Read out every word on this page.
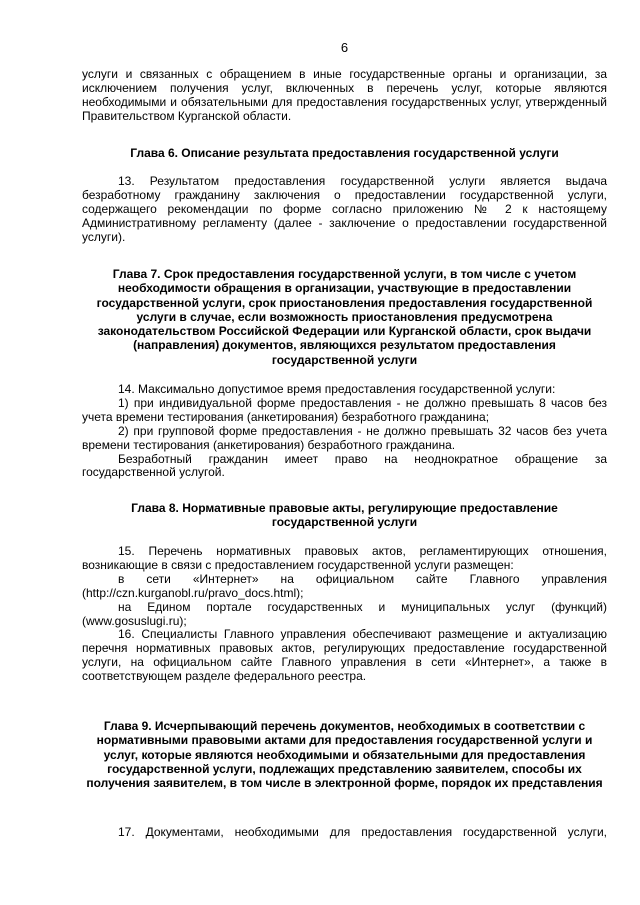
6

услуги и связанных с обращением в иные государственные органы и организации, за исключением получения услуг, включенных в перечень услуг, которые являются необходимыми и обязательными для предоставления государственных услуг, утвержденный Правительством Курганской области.

Глава 6. Описание результата предоставления государственной услуги

13. Результатом предоставления государственной услуги является выдача безработному гражданину заключения о предоставлении государственной услуги, содержащего рекомендации по форме согласно приложению № 2 к настоящему Административному регламенту (далее - заключение о предоставлении государственной услуги).

Глава 7. Срок предоставления государственной услуги, в том числе с учетом необходимости обращения в организации, участвующие в предоставлении государственной услуги, срок приостановления предоставления государственной услуги в случае, если возможность приостановления предусмотрена законодательством Российской Федерации или Курганской области, срок выдачи (направления) документов, являющихся результатом предоставления государственной услуги

14. Максимально допустимое время предоставления государственной услуги:

1) при индивидуальной форме предоставления - не должно превышать 8 часов без учета времени тестирования (анкетирования) безработного гражданина;

2) при групповой форме предоставления - не должно превышать 32 часов без учета времени тестирования (анкетирования) безработного гражданина.

Безработный гражданин имеет право на неоднократное обращение за государственной услугой.

Глава 8. Нормативные правовые акты, регулирующие предоставление государственной услуги

15. Перечень нормативных правовых актов, регламентирующих отношения, возникающие в связи с предоставлением государственной услуги размещен:

в сети «Интернет» на официальном сайте Главного управления (http://czn.kurganobl.ru/pravo_docs.html);

на Едином портале государственных и муниципальных услуг (функций) (www.gosuslugi.ru);

16. Специалисты Главного управления обеспечивают размещение и актуализацию перечня нормативных правовых актов, регулирующих предоставление государственной услуги, на официальном сайте Главного управления в сети «Интернет», а также в соответствующем разделе федерального реестра.

Глава 9. Исчерпывающий перечень документов, необходимых в соответствии с нормативными правовыми актами для предоставления государственной услуги и услуг, которые являются необходимыми и обязательными для предоставления государственной услуги, подлежащих представлению заявителем, способы их получения заявителем, в том числе в электронной форме, порядок их представления

17. Документами, необходимыми для предоставления государственной услуги,
